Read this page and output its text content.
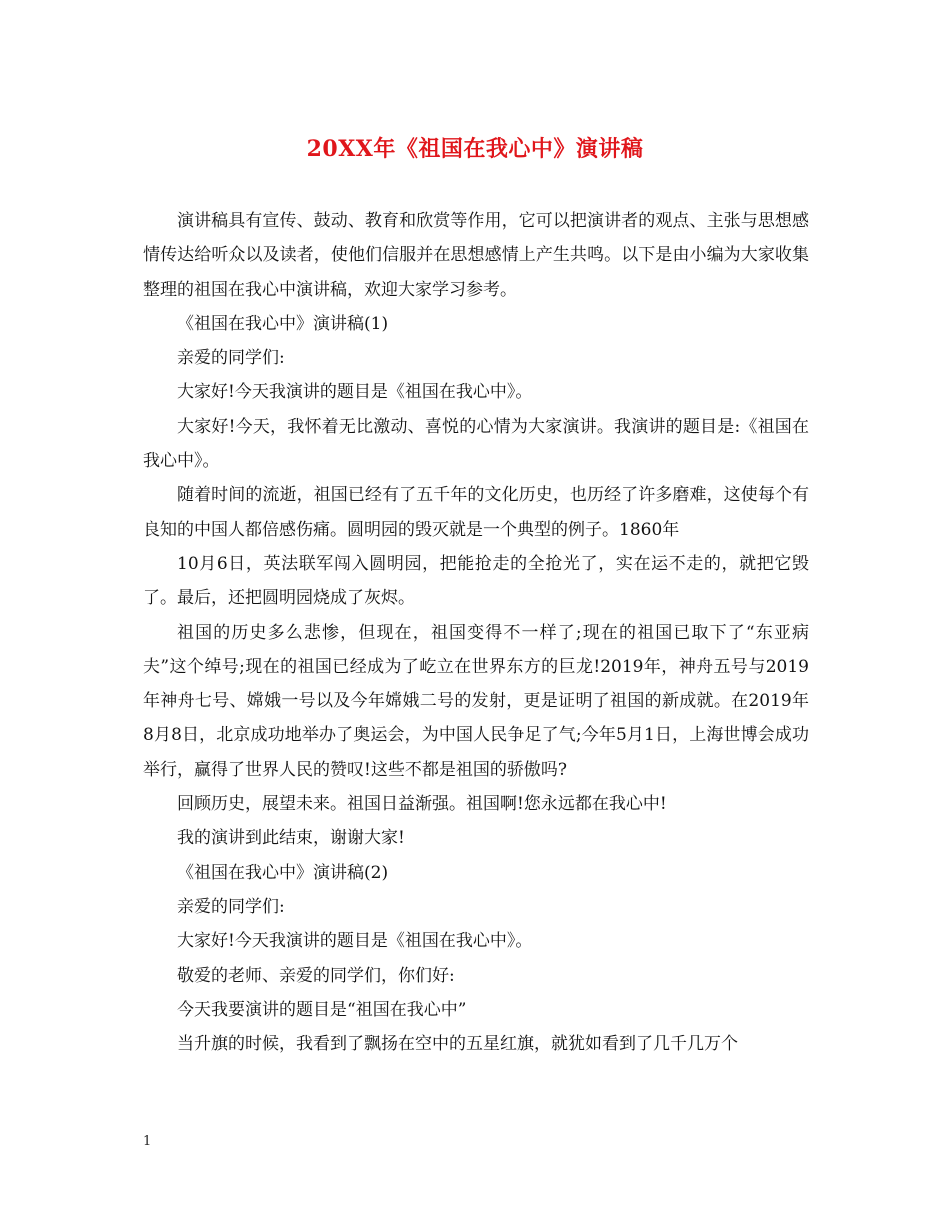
20XX年《祖国在我心中》演讲稿

演讲稿具有宣传、鼓动、教育和欣赏等作用，它可以把演讲者的观点、主张与思想感情传达给听众以及读者，使他们信服并在思想感情上产生共鸣。以下是由小编为大家收集整理的祖国在我心中演讲稿，欢迎大家学习参考。

《祖国在我心中》演讲稿(1)

亲爱的同学们:

大家好!今天我演讲的题目是《祖国在我心中》。

大家好!今天，我怀着无比激动、喜悦的心情为大家演讲。我演讲的题目是:《祖国在我心中》。

随着时间的流逝，祖国已经有了五千年的文化历史，也历经了许多磨难，这使每个有良知的中国人都倍感伤痛。圆明园的毁灭就是一个典型的例子。1860年

10月6日，英法联军闯入圆明园，把能抢走的全抢光了，实在运不走的，就把它毁了。最后，还把圆明园烧成了灰烬。

祖国的历史多么悲惨，但现在，祖国变得不一样了;现在的祖国已取下了“东亚病夫”这个绰号;现在的祖国已经成为了屹立在世界东方的巨龙!2019年，神舟五号与2019年神舟七号、嫦娥一号以及今年嫦娥二号的发射，更是证明了祖国的新成就。在2019年8月8日，北京成功地举办了奥运会，为中国人民争足了气;今年5月1日，上海世博会成功举行，赢得了世界人民的赞叹!这些不都是祖国的骄傲吗?

回顾历史，展望未来。祖国日益渐强。祖国啊!您永远都在我心中!

我的演讲到此结束，谢谢大家!

《祖国在我心中》演讲稿(2)

亲爱的同学们:

大家好!今天我演讲的题目是《祖国在我心中》。

敬爱的老师、亲爱的同学们，你们好:

今天我要演讲的题目是“祖国在我心中”

当升旗的时候，我看到了飘扬在空中的五星红旗，就犹如看到了几千几万个

1
